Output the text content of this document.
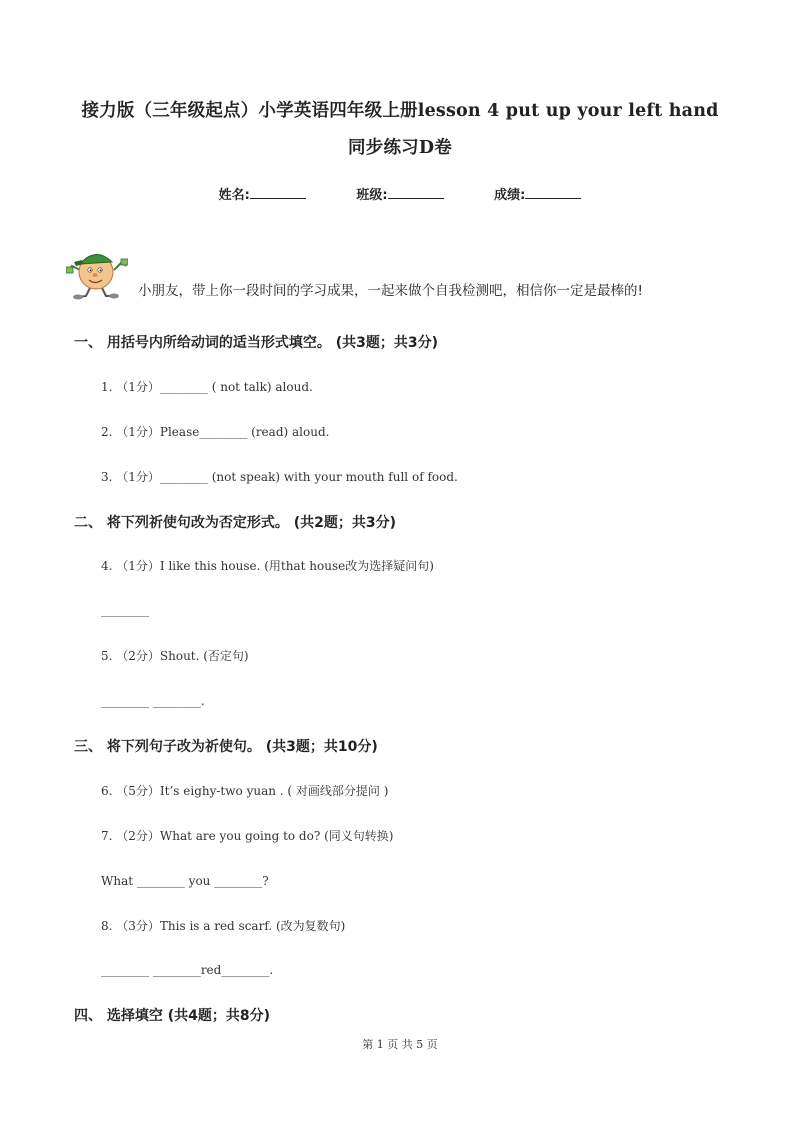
接力版（三年级起点）小学英语四年级上册lesson 4 put up your left hand
同步练习D卷
姓名:	班级:	成绩:
小朋友，带上你一段时间的学习成果，一起来做个自我检测吧，相信你一定是最棒的!
一、 用括号内所给动词的适当形式填空。 (共3题；共3分)
1. （1分）________ ( not talk) aloud.
2. （1分）Please________ (read) aloud.
3. （1分）________ (not speak) with your mouth full of food.
二、 将下列祈使句改为否定形式。 (共2题；共3分)
4. （1分）I like this house. (用that house改为选择疑问句)
________
5. （2分）Shout. (否定句)
________ ________.
三、 将下列句子改为祈使句。 (共3题；共10分)
6. （5分）It’s eighy-two yuan . ( 对画线部分提问 )
7. （2分）What are you going to do? (同义句转换)
What ________ you ________?
8. （3分）This is a red scarf. (改为复数句)
________ ________red________.
四、 选择填空 (共4题；共8分)
第 1 页 共 5 页
